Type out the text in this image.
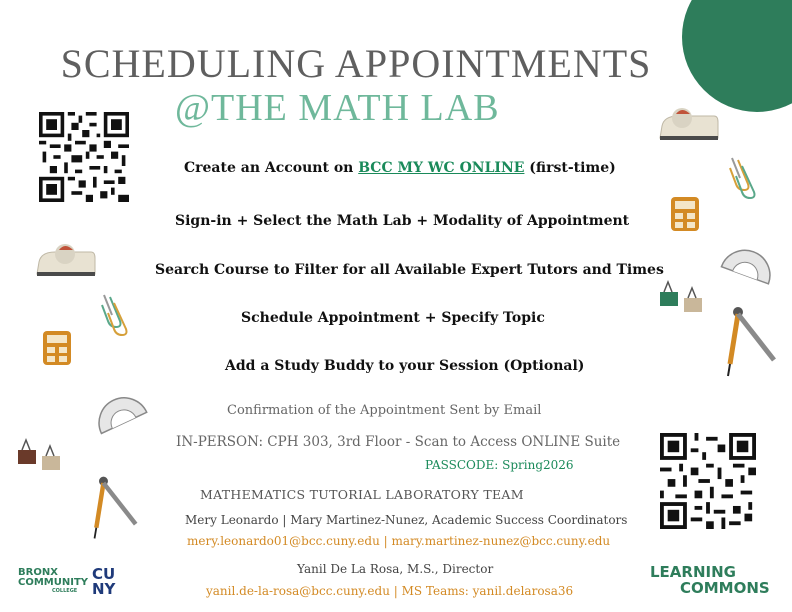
SCHEDULING APPOINTMENTS
@THE MATH LAB
Create an Account on BCC MY WC ONLINE (first-time)
Sign-in + Select the Math Lab + Modality of Appointment
Search Course to Filter for all Available Expert Tutors and Times
Schedule Appointment + Specify Topic
Add a Study Buddy to your Session (Optional)
Confirmation of the Appointment Sent by Email
IN-PERSON: CPH 303, 3rd Floor - Scan to Access ONLINE Suite
PASSCODE: Spring2026
MATHEMATICS TUTORIAL LABORATORY TEAM
Mery Leonardo | Mary Martinez-Nunez, Academic Success Coordinators
mery.leonardo01@bcc.cuny.edu | mary.martinez-nunez@bcc.cuny.edu
Yanil De La Rosa, M.S., Director
yanil.de-la-rosa@bcc.cuny.edu | MS Teams: yanil.delarosa36
BRONX
COMMUNITY
COLLEGE
CUNY
LEARNING
COMMONS
